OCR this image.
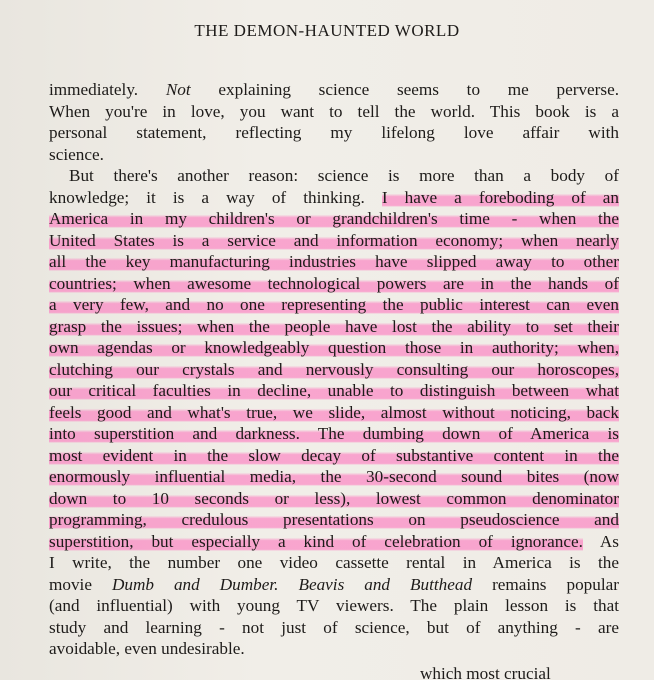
THE DEMON-HAUNTED WORLD
immediately. Not explaining science seems to me perverse.
When you're in love, you want to tell the world. This book is a
personal statement, reflecting my lifelong love affair with
science.
But there's another reason: science is more than a body of
knowledge; it is a way of thinking. I have a foreboding of an
America in my children's or grandchildren's time - when the
United States is a service and information economy; when nearly
all the key manufacturing industries have slipped away to other
countries; when awesome technological powers are in the hands of
a very few, and no one representing the public interest can even
grasp the issues; when the people have lost the ability to set their
own agendas or knowledgeably question those in authority; when,
clutching our crystals and nervously consulting our horoscopes,
our critical faculties in decline, unable to distinguish between what
feels good and what's true, we slide, almost without noticing, back
into superstition and darkness. The dumbing down of America is
most evident in the slow decay of substantive content in the
enormously influential media, the 30-second sound bites (now
down to 10 seconds or less), lowest common denominator
programming, credulous presentations on pseudoscience and
superstition, but especially a kind of celebration of ignorance. As
I write, the number one video cassette rental in America is the
movie Dumb and Dumber. Beavis and Butthead remains popular
(and influential) with young TV viewers. The plain lesson is that
study and learning - not just of science, but of anything - are
avoidable, even undesirable.
which most crucial
